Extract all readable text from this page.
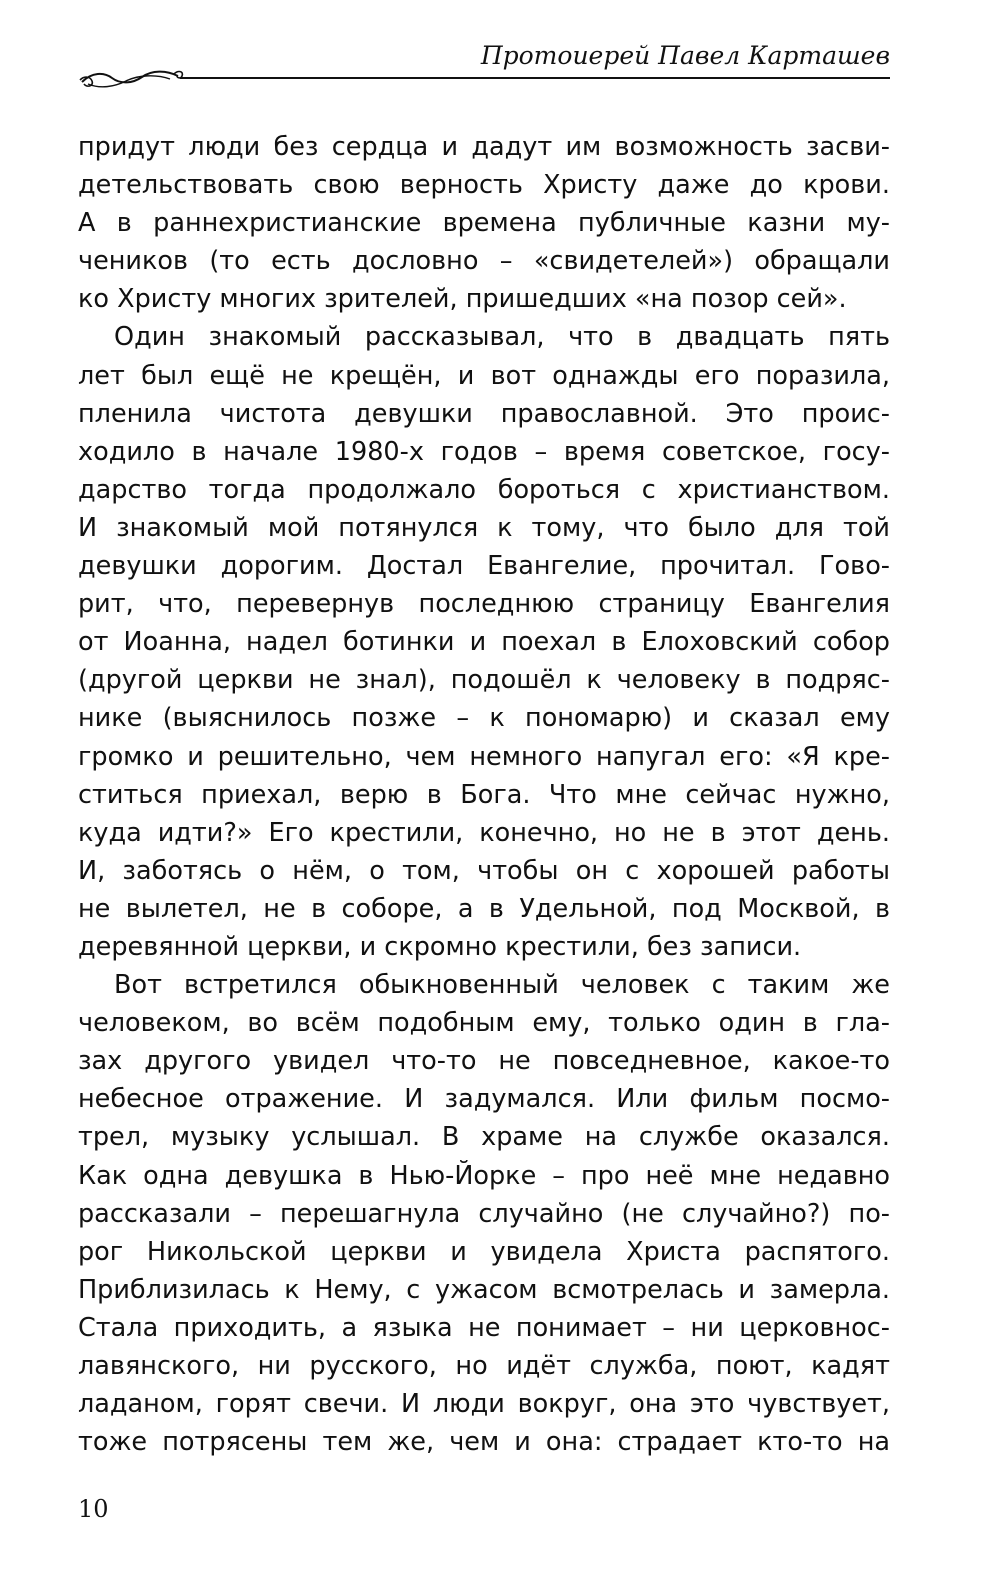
Протоиерей Павел Карташев
придут люди без сердца и дадут им возможность засви-
детельствовать свою верность Христу даже до крови.
А в раннехристианские времена публичные казни му-
чеников (то есть дословно – «свидетелей») обращали
ко Христу многих зрителей, пришедших «на позор сей».
Один знакомый рассказывал, что в двадцать пять
лет был ещё не крещён, и вот однажды его поразила,
пленила чистота девушки православной. Это проис-
ходило в начале 1980-х годов – время советское, госу-
дарство тогда продолжало бороться с христианством.
И знакомый мой потянулся к тому, что было для той
девушки дорогим. Достал Евангелие, прочитал. Гово-
рит, что, перевернув последнюю страницу Евангелия
от Иоанна, надел ботинки и поехал в Елоховский собор
(другой церкви не знал), подошёл к человеку в подряс-
нике (выяснилось позже – к пономарю) и сказал ему
громко и решительно, чем немного напугал его: «Я кре-
ститься приехал, верю в Бога. Что мне сейчас нужно,
куда идти?» Его крестили, конечно, но не в этот день.
И, заботясь о нём, о том, чтобы он с хорошей работы
не вылетел, не в соборе, а в Удельной, под Москвой, в
деревянной церкви, и скромно крестили, без записи.
Вот встретился обыкновенный человек с таким же
человеком, во всём подобным ему, только один в гла-
зах другого увидел что-то не повседневное, какое-то
небесное отражение. И задумался. Или фильм посмо-
трел, музыку услышал. В храме на службе оказался.
Как одна девушка в Нью-Йорке – про неё мне недавно
рассказали – перешагнула случайно (не случайно?) по-
рог Никольской церкви и увидела Христа распятого.
Приблизилась к Нему, с ужасом всмотрелась и замерла.
Стала приходить, а языка не понимает – ни церковнос-
лавянского, ни русского, но идёт служба, поют, кадят
ладаном, горят свечи. И люди вокруг, она это чувствует,
тоже потрясены тем же, чем и она: страдает кто-то на
10
